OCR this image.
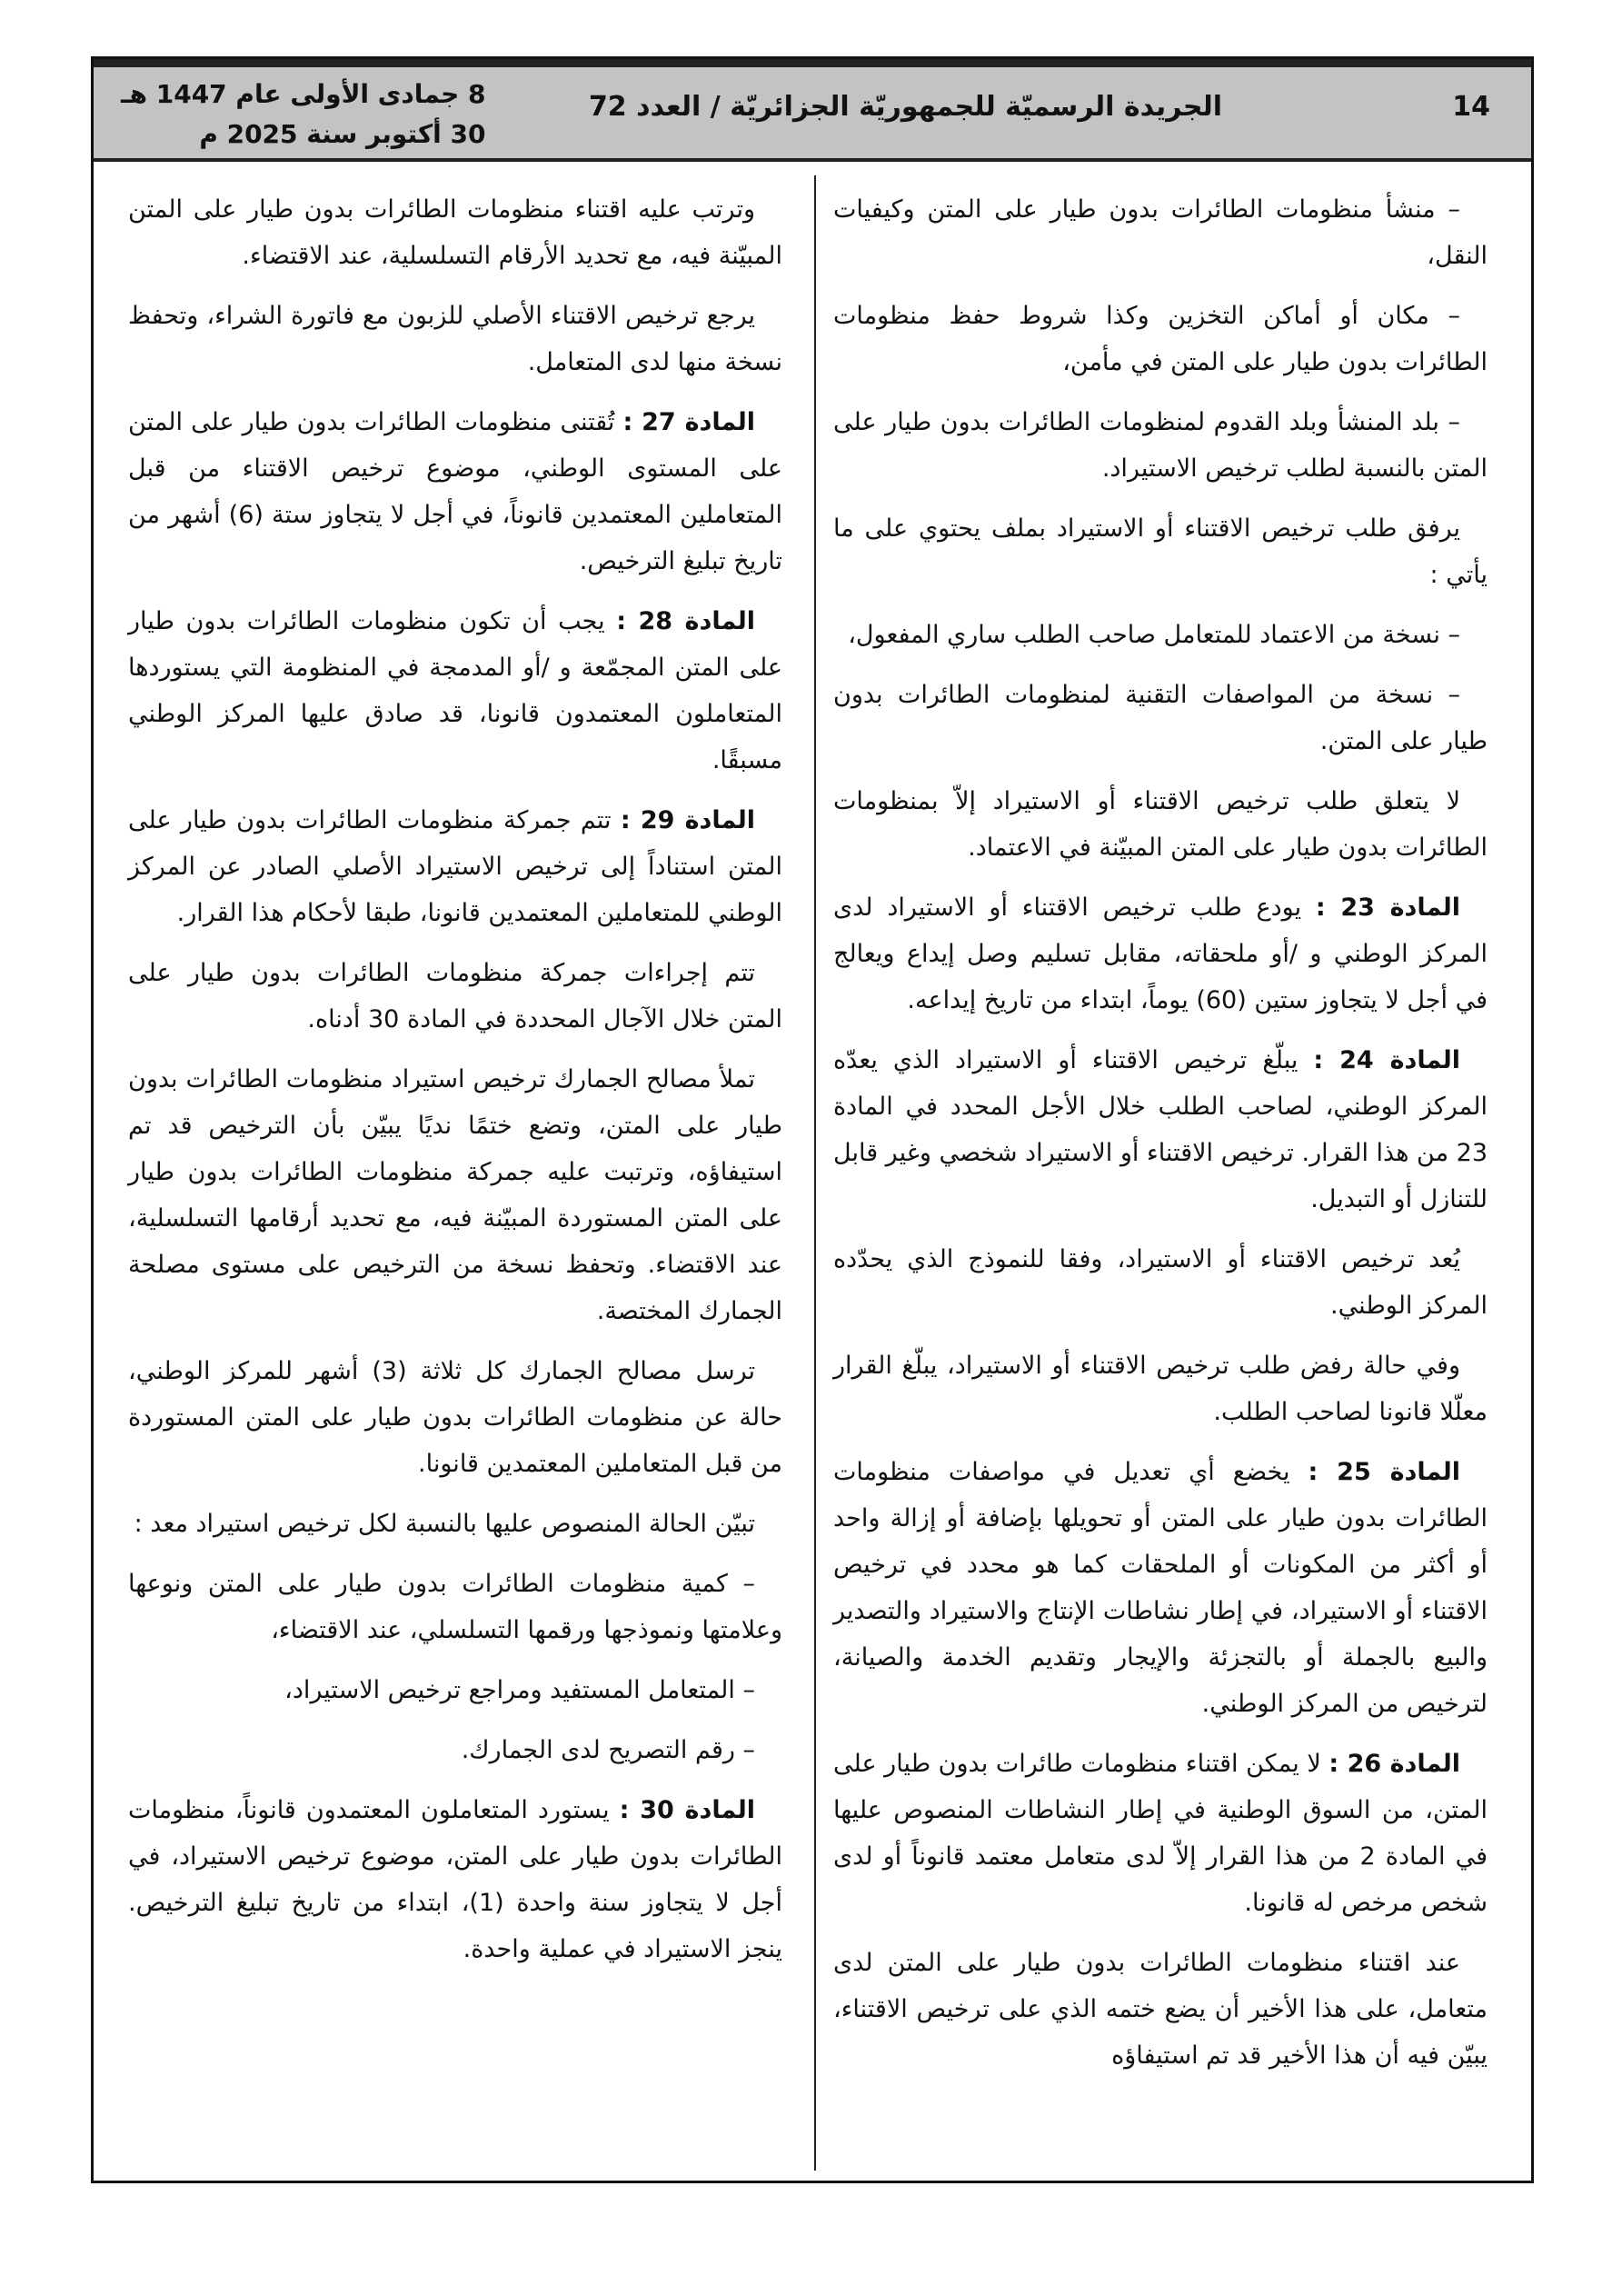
14
الجريدة الرسميّة للجمهوريّة الجزائريّة / العدد 72
8 جمادى الأولى عام 1447 هـ
30 أكتوبر سنة 2025 م

– منشأ منظومات الطائرات بدون طيار على المتن وكيفيات النقل،

– مكان أو أماكن التخزين وكذا شروط حفظ منظومات الطائرات بدون طيار على المتن في مأمن،

– بلد المنشأ وبلد القدوم لمنظومات الطائرات بدون طيار على المتن بالنسبة لطلب ترخيص الاستيراد.

يرفق طلب ترخيص الاقتناء أو الاستيراد بملف يحتوي على ما يأتي :

– نسخة من الاعتماد للمتعامل صاحب الطلب ساري المفعول،

– نسخة من المواصفات التقنية لمنظومات الطائرات بدون طيار على المتن.

لا يتعلق طلب ترخيص الاقتناء أو الاستيراد إلاّ بمنظومات الطائرات بدون طيار على المتن المبيّنة في الاعتماد.

المادة 23 : يودع طلب ترخيص الاقتناء أو الاستيراد لدى المركز الوطني و /أو ملحقاته، مقابل تسليم وصل إيداع ويعالج في أجل لا يتجاوز ستين (60) يوماً، ابتداء من تاريخ إيداعه.

المادة 24 : يبلّغ ترخيص الاقتناء أو الاستيراد الذي يعدّه المركز الوطني، لصاحب الطلب خلال الأجل المحدد في المادة 23 من هذا القرار. ترخيص الاقتناء أو الاستيراد شخصي وغير قابل للتنازل أو التبديل.

يُعد ترخيص الاقتناء أو الاستيراد، وفقا للنموذج الذي يحدّده المركز الوطني.

وفي حالة رفض طلب ترخيص الاقتناء أو الاستيراد، يبلّغ القرار معلّلا قانونا لصاحب الطلب.

المادة 25 : يخضع أي تعديل في مواصفات منظومات الطائرات بدون طيار على المتن أو تحويلها بإضافة أو إزالة واحد أو أكثر من المكونات أو الملحقات كما هو محدد في ترخيص الاقتناء أو الاستيراد، في إطار نشاطات الإنتاج والاستيراد والتصدير والبيع بالجملة أو بالتجزئة والإيجار وتقديم الخدمة والصيانة، لترخيص من المركز الوطني.

المادة 26 : لا يمكن اقتناء منظومات طائرات بدون طيار على المتن، من السوق الوطنية في إطار النشاطات المنصوص عليها في المادة 2 من هذا القرار إلاّ لدى متعامل معتمد قانوناً أو لدى شخص مرخص له قانونا.

عند اقتناء منظومات الطائرات بدون طيار على المتن لدى متعامل، على هذا الأخير أن يضع ختمه الذي على ترخيص الاقتناء، يبيّن فيه أن هذا الأخير قد تم استيفاؤه

وترتب عليه اقتناء منظومات الطائرات بدون طيار على المتن المبيّنة فيه، مع تحديد الأرقام التسلسلية، عند الاقتضاء.

يرجع ترخيص الاقتناء الأصلي للزبون مع فاتورة الشراء، وتحفظ نسخة منها لدى المتعامل.

المادة 27 : تُقتنى منظومات الطائرات بدون طيار على المتن على المستوى الوطني، موضوع ترخيص الاقتناء من قبل المتعاملين المعتمدين قانوناً، في أجل لا يتجاوز ستة (6) أشهر من تاريخ تبليغ الترخيص.

المادة 28 : يجب أن تكون منظومات الطائرات بدون طيار على المتن المجمّعة و /أو المدمجة في المنظومة التي يستوردها المتعاملون المعتمدون قانونا، قد صادق عليها المركز الوطني مسبقًا.

المادة 29 : تتم جمركة منظومات الطائرات بدون طيار على المتن استناداً إلى ترخيص الاستيراد الأصلي الصادر عن المركز الوطني للمتعاملين المعتمدين قانونا، طبقا لأحكام هذا القرار.

تتم إجراءات جمركة منظومات الطائرات بدون طيار على المتن خلال الآجال المحددة في المادة 30 أدناه.

تملأ مصالح الجمارك ترخيص استيراد منظومات الطائرات بدون طيار على المتن، وتضع ختمًا نديًا يبيّن بأن الترخيص قد تم استيفاؤه، وترتبت عليه جمركة منظومات الطائرات بدون طيار على المتن المستوردة المبيّنة فيه، مع تحديد أرقامها التسلسلية، عند الاقتضاء. وتحفظ نسخة من الترخيص على مستوى مصلحة الجمارك المختصة.

ترسل مصالح الجمارك كل ثلاثة (3) أشهر للمركز الوطني، حالة عن منظومات الطائرات بدون طيار على المتن المستوردة من قبل المتعاملين المعتمدين قانونا.

تبيّن الحالة المنصوص عليها بالنسبة لكل ترخيص استيراد معد :

– كمية منظومات الطائرات بدون طيار على المتن ونوعها وعلامتها ونموذجها ورقمها التسلسلي، عند الاقتضاء،

– المتعامل المستفيد ومراجع ترخيص الاستيراد،

– رقم التصريح لدى الجمارك.

المادة 30 : يستورد المتعاملون المعتمدون قانوناً، منظومات الطائرات بدون طيار على المتن، موضوع ترخيص الاستيراد، في أجل لا يتجاوز سنة واحدة (1)، ابتداء من تاريخ تبليغ الترخيص. ينجز الاستيراد في عملية واحدة.
